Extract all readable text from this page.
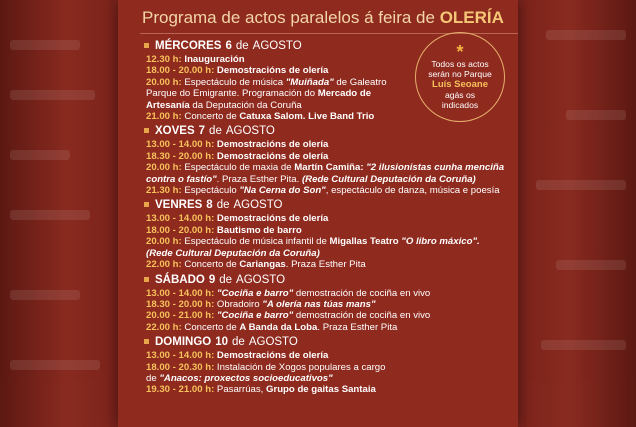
Programa de actos paralelos á feira de OLERÍA
*
Todos os actos
serán no Parque
Luís Seoane
agás os
indicados
MÉRCORES 6 de AGOSTO
12.30 h: Inauguración
18.00 - 20.00 h: Demostracións de olería
20.00 h: Espectáculo de música "Muiñada" de Galeatro
Parque do Emigrante. Programación do Mercado de
Artesanía da Deputación da Coruña
21.00 h: Concerto de Catuxa Salom. Live Band Trio
XOVES 7 de AGOSTO
13.00 - 14.00 h: Demostracións de olería
18.30 - 20.00 h: Demostracións de olería
20.00 h: Espectáculo de maxia de Martín Camiña: "2 ilusionistas cunha menciña
contra o fastío". Praza Esther Pita. (Rede Cultural Deputación da Coruña)
21.30 h: Espectáculo "Na Cerna do Son", espectáculo de danza, música e poesía
VENRES 8 de AGOSTO
13.00 - 14.00 h: Demostracións de olería
18.00 - 20.00 h: Bautismo de barro
20.00 h: Espectáculo de música infantil de Migallas Teatro "O libro máxico".
(Rede Cultural Deputación da Coruña)
22.00 h: Concerto de Cariangas. Praza Esther Pita
SÁBADO 9 de AGOSTO
13.00 - 14.00 h: "Cociña e barro" demostración de cociña en vivo
18.30 - 20.00 h: Obradoiro "A olería nas túas mans"
20.00 - 21.00 h: "Cociña e barro" demostración de cociña en vivo
22.00 h: Concerto de A Banda da Loba. Praza Esther Pita
DOMINGO 10 de AGOSTO
13.00 - 14.00 h: Demostracións de olería
18.00 - 20.30 h: Instalación de Xogos populares a cargo
de "Anacos: proxectos socioeducativos"
19.30 - 21.00 h: Pasarrúas, Grupo de gaitas Santaia
